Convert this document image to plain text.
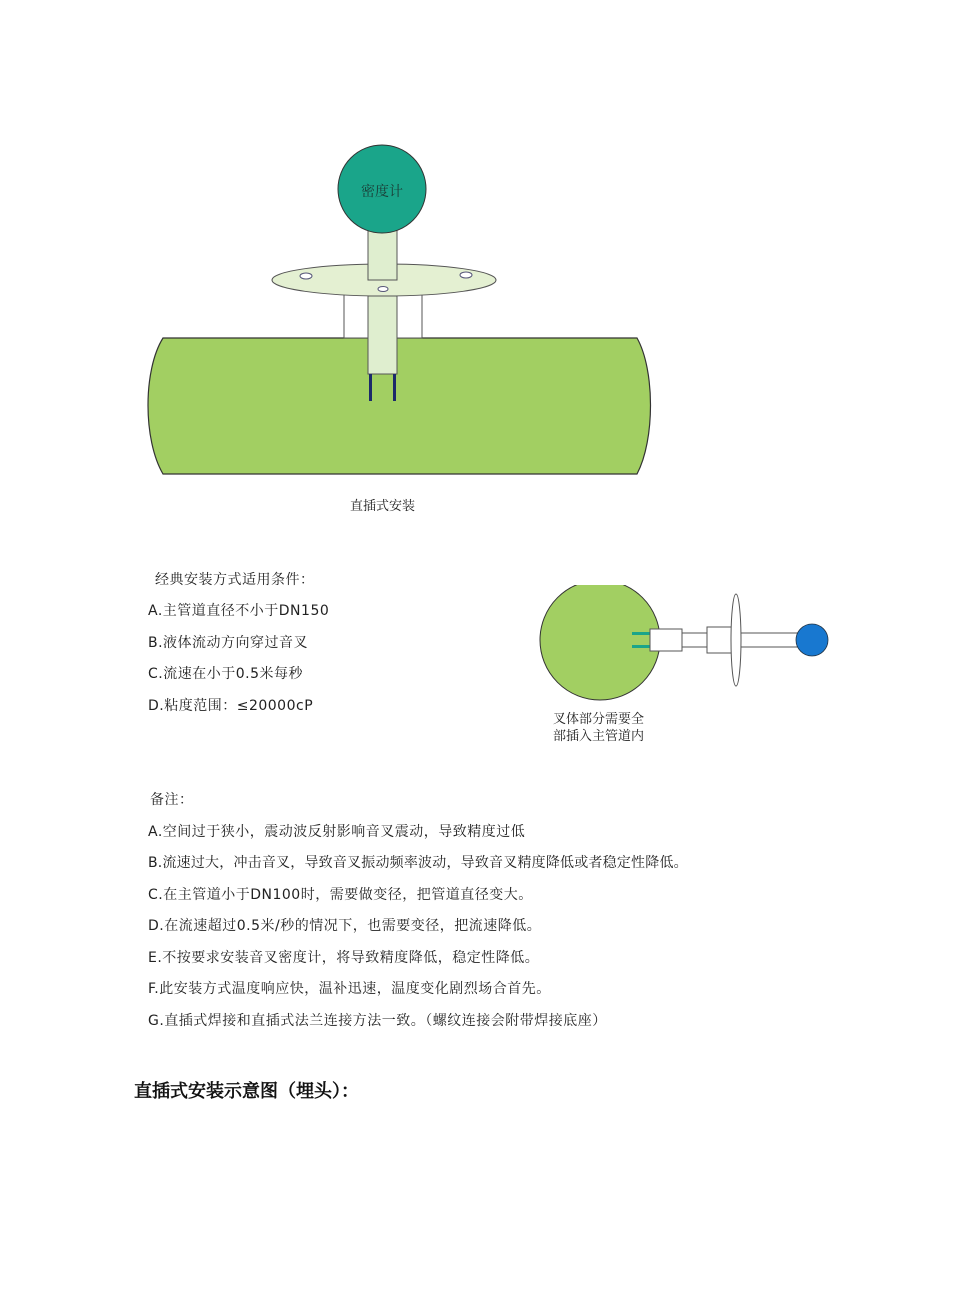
密度计
直插式安装
叉体部分需要全
部插入主管道内
经典安装方式适用条件：
A.主管道直径不小于DN150
B.液体流动方向穿过音叉
C.流速在小于0.5米每秒
D.粘度范围：≤20000cP
备注：
A.空间过于狭小，震动波反射影响音叉震动，导致精度过低
B.流速过大，冲击音叉，导致音叉振动频率波动，导致音叉精度降低或者稳定性降低。
C.在主管道小于DN100时，需要做变径，把管道直径变大。
D.在流速超过0.5米/秒的情况下，也需要变径，把流速降低。
E.不按要求安装音叉密度计，将导致精度降低，稳定性降低。
F.此安装方式温度响应快，温补迅速，温度变化剧烈场合首先。
G.直插式焊接和直插式法兰连接方法一致。（螺纹连接会附带焊接底座）
直插式安装示意图（埋头）：
